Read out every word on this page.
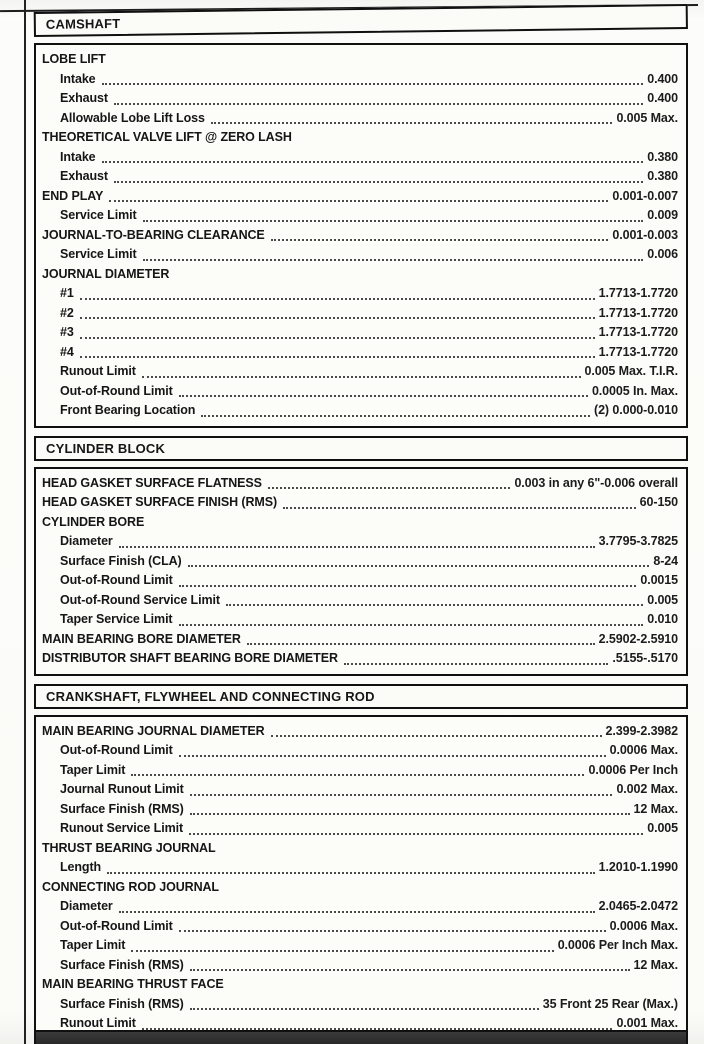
CAMSHAFT
LOBE LIFT
Intake	0.400
Exhaust	0.400
Allowable Lobe Lift Loss	0.005 Max.
THEORETICAL VALVE LIFT @ ZERO LASH
Intake	0.380
Exhaust	0.380
END PLAY	0.001-0.007
Service Limit	0.009
JOURNAL-TO-BEARING CLEARANCE	0.001-0.003
Service Limit	0.006
JOURNAL DIAMETER
#1	1.7713-1.7720
#2	1.7713-1.7720
#3	1.7713-1.7720
#4	1.7713-1.7720
Runout Limit	0.005 Max. T.I.R.
Out-of-Round Limit	0.0005 In. Max.
Front Bearing Location	(2) 0.000-0.010
CYLINDER BLOCK
HEAD GASKET SURFACE FLATNESS	0.003 in any 6"-0.006 overall
HEAD GASKET SURFACE FINISH (RMS)	60-150
CYLINDER BORE
Diameter	3.7795-3.7825
Surface Finish (CLA)	8-24
Out-of-Round Limit	0.0015
Out-of-Round Service Limit	0.005
Taper Service Limit	0.010
MAIN BEARING BORE DIAMETER	2.5902-2.5910
DISTRIBUTOR SHAFT BEARING BORE DIAMETER	.5155-.5170
CRANKSHAFT, FLYWHEEL AND CONNECTING ROD
MAIN BEARING JOURNAL DIAMETER	2.399-2.3982
Out-of-Round Limit	0.0006 Max.
Taper Limit	0.0006 Per Inch
Journal Runout Limit	0.002 Max.
Surface Finish (RMS)	12 Max.
Runout Service Limit	0.005
THRUST BEARING JOURNAL
Length	1.2010-1.1990
CONNECTING ROD JOURNAL
Diameter	2.0465-2.0472
Out-of-Round Limit	0.0006 Max.
Taper Limit	0.0006 Per Inch Max.
Surface Finish (RMS)	12 Max.
MAIN BEARING THRUST FACE
Surface Finish (RMS)	35 Front 25 Rear (Max.)
Runout Limit	0.001 Max.
